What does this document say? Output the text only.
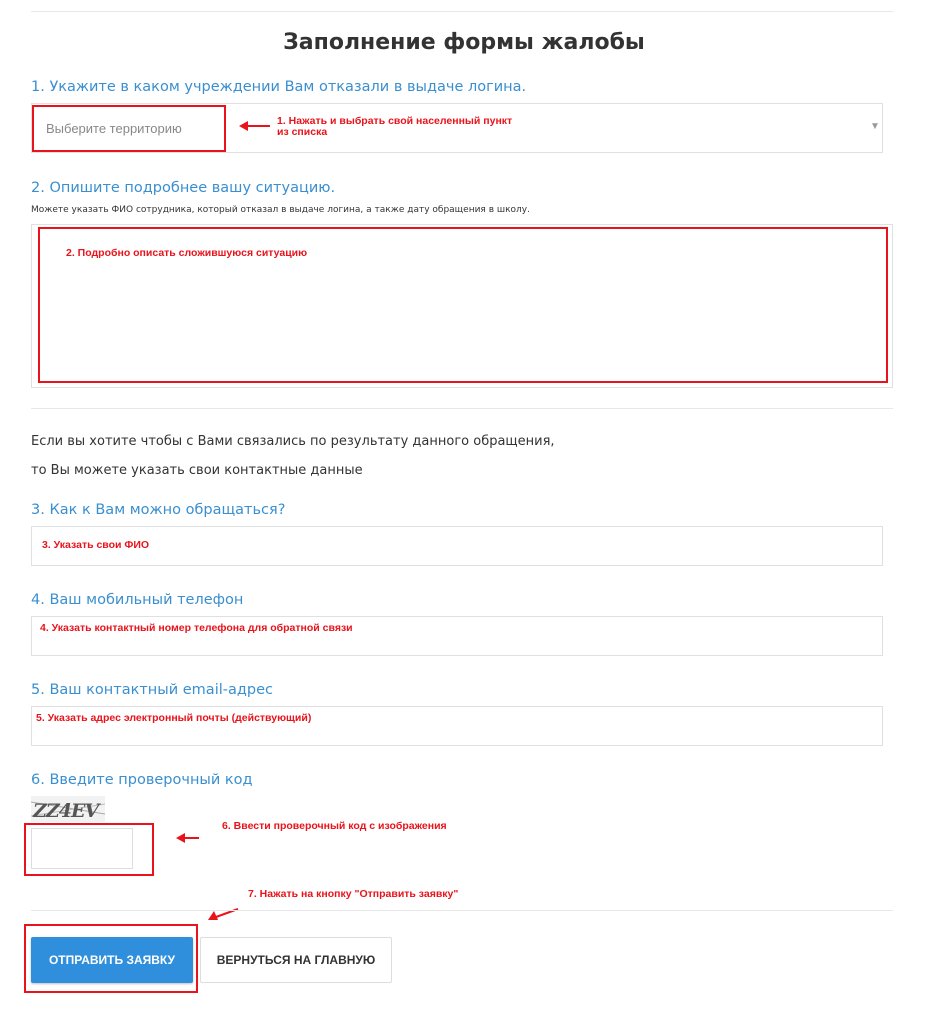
Заполнение формы жалобы
1. Укажите в каком учреждении Вам отказали в выдаче логина.
Выберите территорию	▼
1. Нажать и выбрать свой населенный пункт
из списка
2. Опишите подробнее вашу ситуацию.
Можете указать ФИО сотрудника, который отказал в выдаче логина, а также дату обращения в школу.
2. Подробно описать сложившуюся ситуацию
Если вы хотите чтобы с Вами связались по результату данного обращения,
то Вы можете указать свои контактные данные
3. Как к Вам можно обращаться?
3. Указать свои ФИО
4. Ваш мобильный телефон
4. Указать контактный номер телефона для обратной связи
5. Ваш контактный email-адрес
5. Указать адрес электронный почты (действующий)
6. Введите проверочный код
ZZ4EV
6. Ввести проверочный код с изображения
7. Нажать на кнопку "Отправить заявку"
ОТПРАВИТЬ ЗАЯВКУ	ВЕРНУТЬСЯ НА ГЛАВНУЮ
